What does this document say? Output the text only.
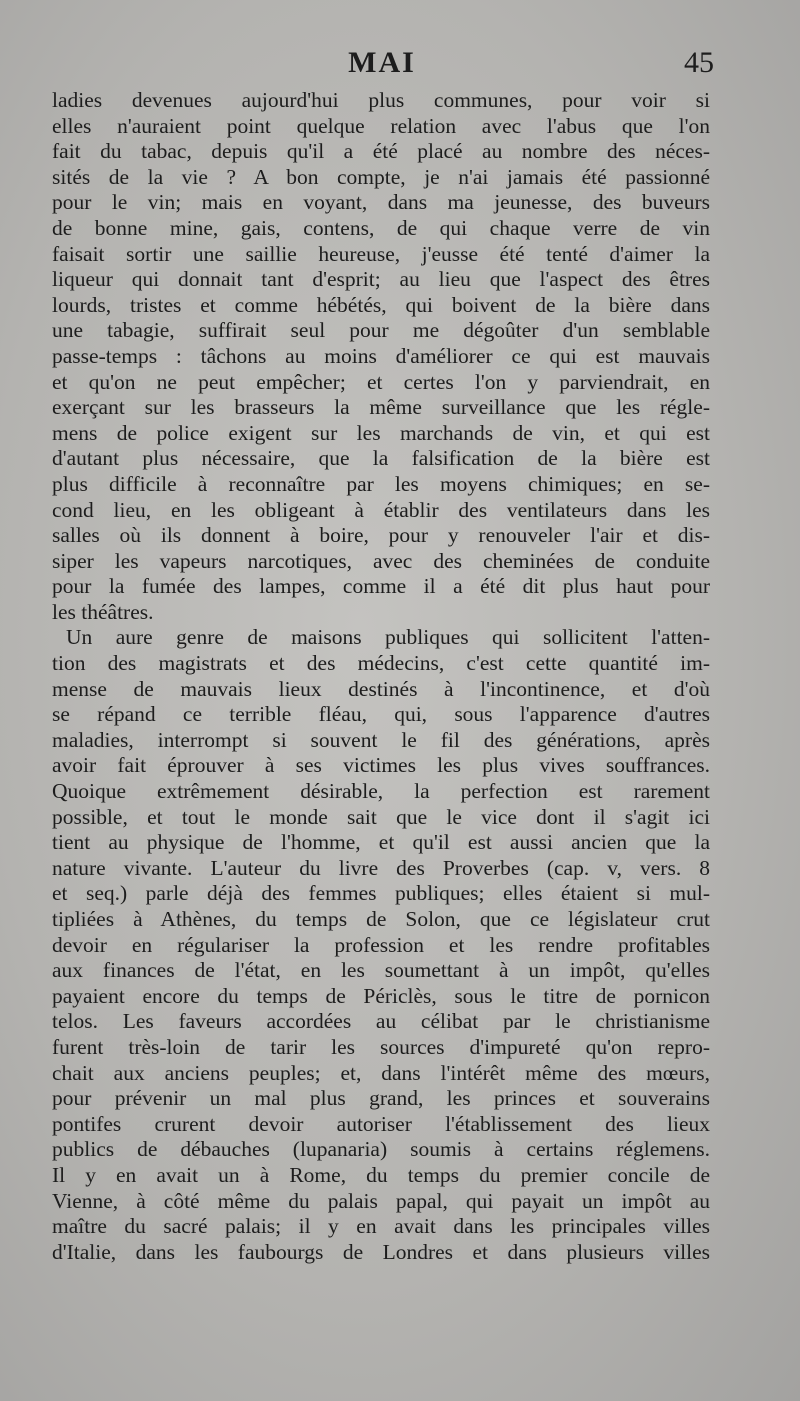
MAI	45
ladies devenues aujourd'hui plus communes, pour voir si
elles n'auraient point quelque relation avec l'abus que l'on
fait du tabac, depuis qu'il a été placé au nombre des néces-
sités de la vie ? A bon compte, je n'ai jamais été passionné
pour le vin; mais en voyant, dans ma jeunesse, des buveurs
de bonne mine, gais, contens, de qui chaque verre de vin
faisait sortir une saillie heureuse, j'eusse été tenté d'aimer la
liqueur qui donnait tant d'esprit; au lieu que l'aspect des êtres
lourds, tristes et comme hébétés, qui boivent de la bière dans
une tabagie, suffirait seul pour me dégoûter d'un semblable
passe-temps : tâchons au moins d'améliorer ce qui est mauvais
et qu'on ne peut empêcher; et certes l'on y parviendrait, en
exerçant sur les brasseurs la même surveillance que les régle-
mens de police exigent sur les marchands de vin, et qui est
d'autant plus nécessaire, que la falsification de la bière est
plus difficile à reconnaître par les moyens chimiques; en se-
cond lieu, en les obligeant à établir des ventilateurs dans les
salles où ils donnent à boire, pour y renouveler l'air et dis-
siper les vapeurs narcotiques, avec des cheminées de conduite
pour la fumée des lampes, comme il a été dit plus haut pour
les théâtres.
Un aure genre de maisons publiques qui sollicitent l'atten-
tion des magistrats et des médecins, c'est cette quantité im-
mense de mauvais lieux destinés à l'incontinence, et d'où
se répand ce terrible fléau, qui, sous l'apparence d'autres
maladies, interrompt si souvent le fil des générations, après
avoir fait éprouver à ses victimes les plus vives souffrances.
Quoique extrêmement désirable, la perfection est rarement
possible, et tout le monde sait que le vice dont il s'agit ici
tient au physique de l'homme, et qu'il est aussi ancien que la
nature vivante. L'auteur du livre des Proverbes (cap. v, vers. 8
et seq.) parle déjà des femmes publiques; elles étaient si mul-
tipliées à Athènes, du temps de Solon, que ce législateur crut
devoir en régulariser la profession et les rendre profitables
aux finances de l'état, en les soumettant à un impôt, qu'elles
payaient encore du temps de Périclès, sous le titre de pornicon
telos. Les faveurs accordées au célibat par le christianisme
furent très-loin de tarir les sources d'impureté qu'on repro-
chait aux anciens peuples; et, dans l'intérêt même des mœurs,
pour prévenir un mal plus grand, les princes et souverains
pontifes crurent devoir autoriser l'établissement des lieux
publics de débauches (lupanaria) soumis à certains réglemens.
Il y en avait un à Rome, du temps du premier concile de
Vienne, à côté même du palais papal, qui payait un impôt au
maître du sacré palais; il y en avait dans les principales villes
d'Italie, dans les faubourgs de Londres et dans plusieurs villes
